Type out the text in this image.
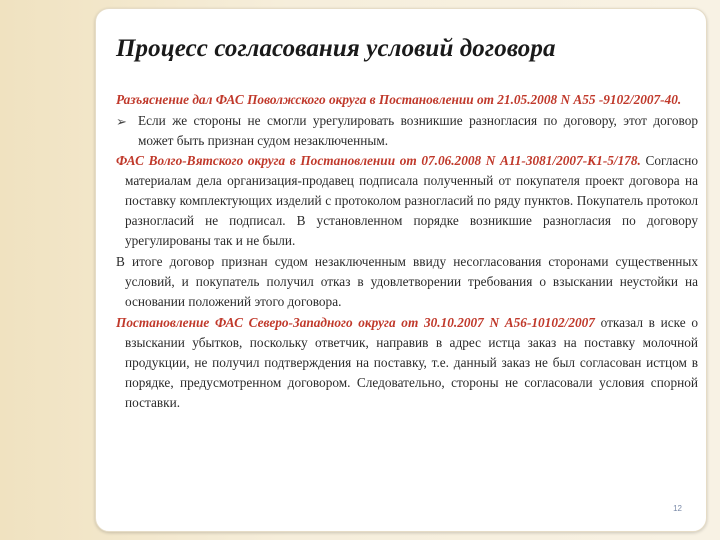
12
Процесс согласования условий договора

Разъяснение дал ФАС Поволжского округа в Постановлении от 21.05.2008 N А55 -9102/2007-40.

➢ Если же стороны не смогли урегулировать возникшие разногласия по договору, этот договор может быть признан судом незаключенным.

ФАС Волго-Вятского округа в Постановлении от 07.06.2008 N А11-3081/2007-К1-5/178. Согласно материалам дела организация-продавец подписала полученный от покупателя проект договора на поставку комплектующих изделий с протоколом разногласий по ряду пунктов. Покупатель протокол разногласий не подписал. В установленном порядке возникшие разногласия по договору урегулированы так и не были.

В итоге договор признан судом незаключенным ввиду несогласования сторонами существенных условий, и покупатель получил отказ в удовлетворении требования о взыскании неустойки на основании положений этого договора.

Постановление ФАС Северо-Западного округа от 30.10.2007 N А56-10102/2007 отказал в иске о взыскании убытков, поскольку ответчик, направив в адрес истца заказ на поставку молочной продукции, не получил подтверждения на поставку, т.е. данный заказ не был согласован истцом в порядке, предусмотренном договором. Следовательно, стороны не согласовали условия спорной поставки.
